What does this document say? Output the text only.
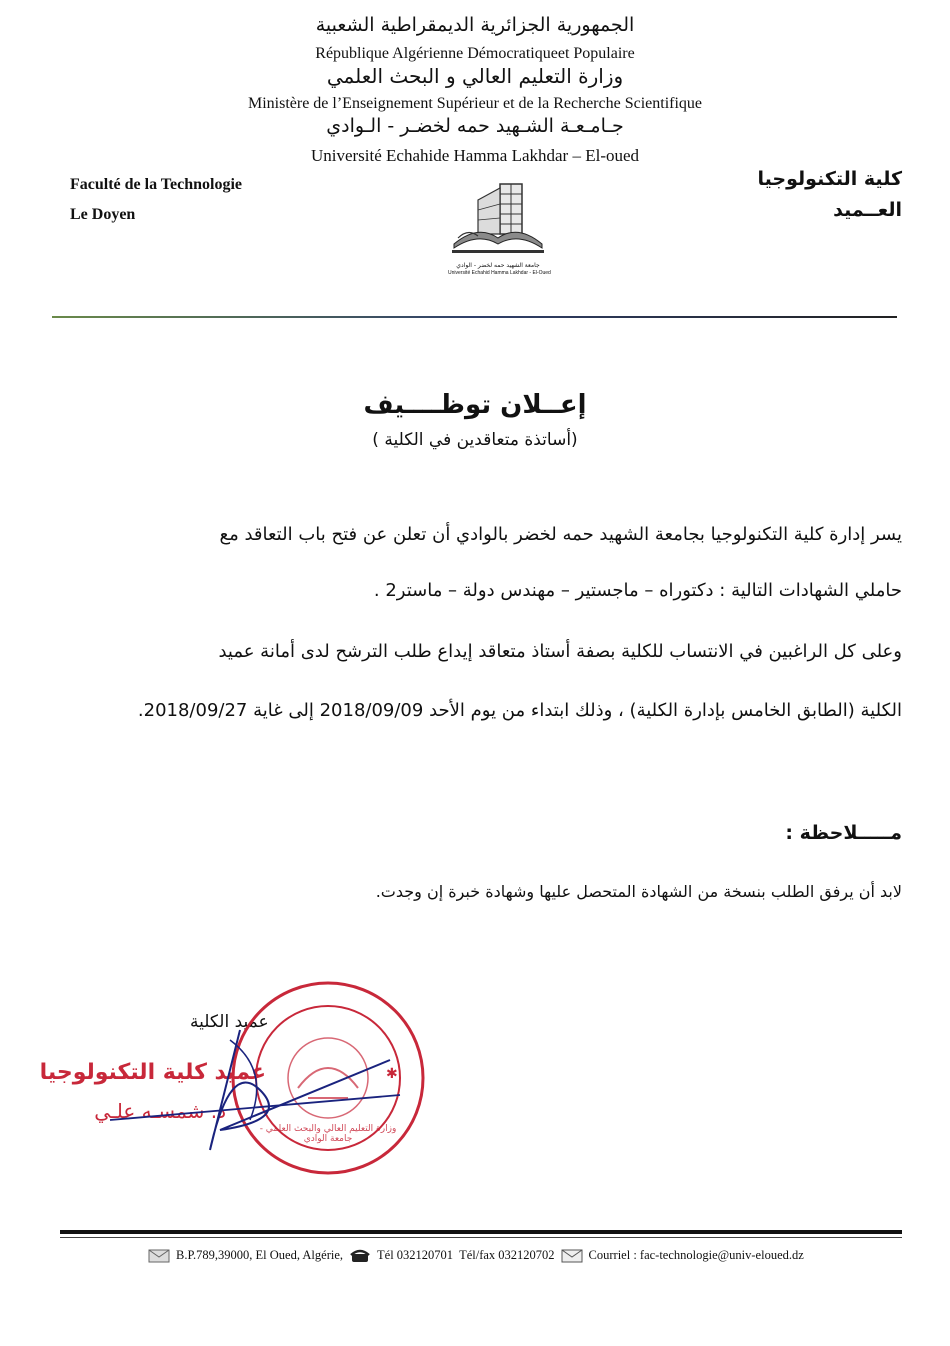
الجمهورية الجزائرية الديمقراطية الشعبية
République Algérienne Démocratiqueet Populaire
وزارة التعليم العالي و البحث العلمي
Ministère de l’Enseignement Supérieur et de la Recherche Scientifique
جـامـعـة الشـهيد حمه لخضـر - الـوادي
Université Echahide Hamma Lakhdar – El-oued
Faculté de la Technologie
Le Doyen
كلية التكنولوجيا
العــميد
جامعة الشهيد حمه لخضر - الوادي
Université Echahid Hamma Lakhdar - El-Oued
إعــلان توظــــيف
(أساتذة متعاقدين في الكلية )
يسر إدارة كلية التكنولوجيا بجامعة الشهيد حمه لخضر بالوادي أن تعلن عن فتح باب التعاقد مع
حاملي الشهادات التالية : دكتوراه – ماجستير – مهندس دولة – ماستر2 .
وعلى كل الراغبين في الانتساب للكلية بصفة أستاذ متعاقد إيداع طلب الترشح لدى أمانة عميد
الكلية (الطابق الخامس بإدارة الكلية) ، وذلك ابتداء من يوم الأحد 2018/09/09 إلى غاية 2018/09/27.
مـــــلاحظة :
لابد أن يرفق الطلب بنسخة من الشهادة المتحصل عليها وشهادة خبرة إن وجدت.
عميد الكلية
عميد كلية التكنولوجيا
د. شمسـه علـي
✱
وزارة التعليم العالي والبحث العلمي - جامعة الوادي
B.P.789,39000, El Oued, Algérie,	Tél 032120701 Tél/fax 032120702	Courriel : fac-technologie@univ-eloued.dz
